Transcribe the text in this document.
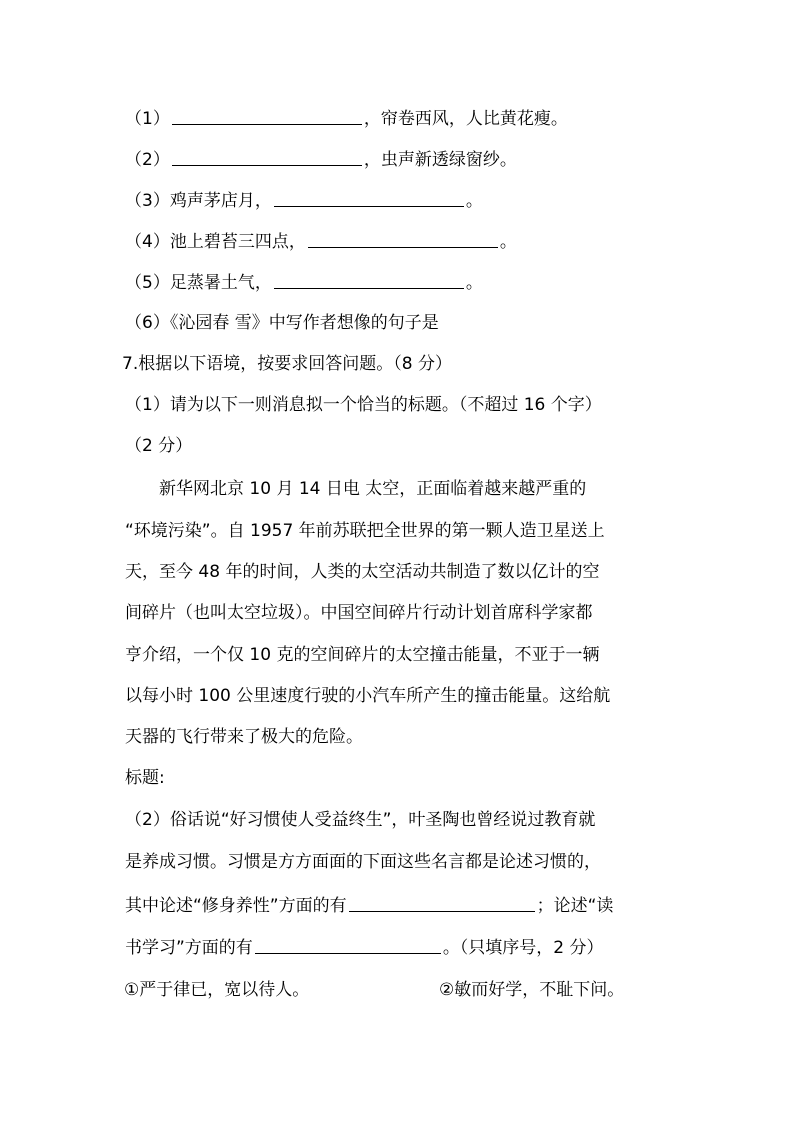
（1）	，帘卷西风，人比黄花瘦。
（2）	，虫声新透绿窗纱。
（3）鸡声茅店月，	。
（4）池上碧苔三四点，	。
（5）足蒸暑土气，	。
（6）《沁园春 雪》中写作者想像的句子是
7.根据以下语境，按要求回答问题。（8 分）
（1）请为以下一则消息拟一个恰当的标题。（不超过 16 个字）
（2 分）
新华网北京 10 月 14 日电 太空，正面临着越来越严重的
“环境污染”。自 1957 年前苏联把全世界的第一颗人造卫星送上
天，至今 48 年的时间，人类的太空活动共制造了数以亿计的空
间碎片（也叫太空垃圾）。中国空间碎片行动计划首席科学家都
亨介绍，一个仅 10 克的空间碎片的太空撞击能量，不亚于一辆
以每小时 100 公里速度行驶的小汽车所产生的撞击能量。这给航
天器的飞行带来了极大的危险。
标题:
（2）俗话说“好习惯使人受益终生”，叶圣陶也曾经说过教育就
是养成习惯。习惯是方方面面的下面这些名言都是论述习惯的，
其中论述“修身养性”方面的有	；论述“读
书学习”方面的有	。（只填序号，2 分）
①严于律已，宽以待人。	②敏而好学，不耻下问。
